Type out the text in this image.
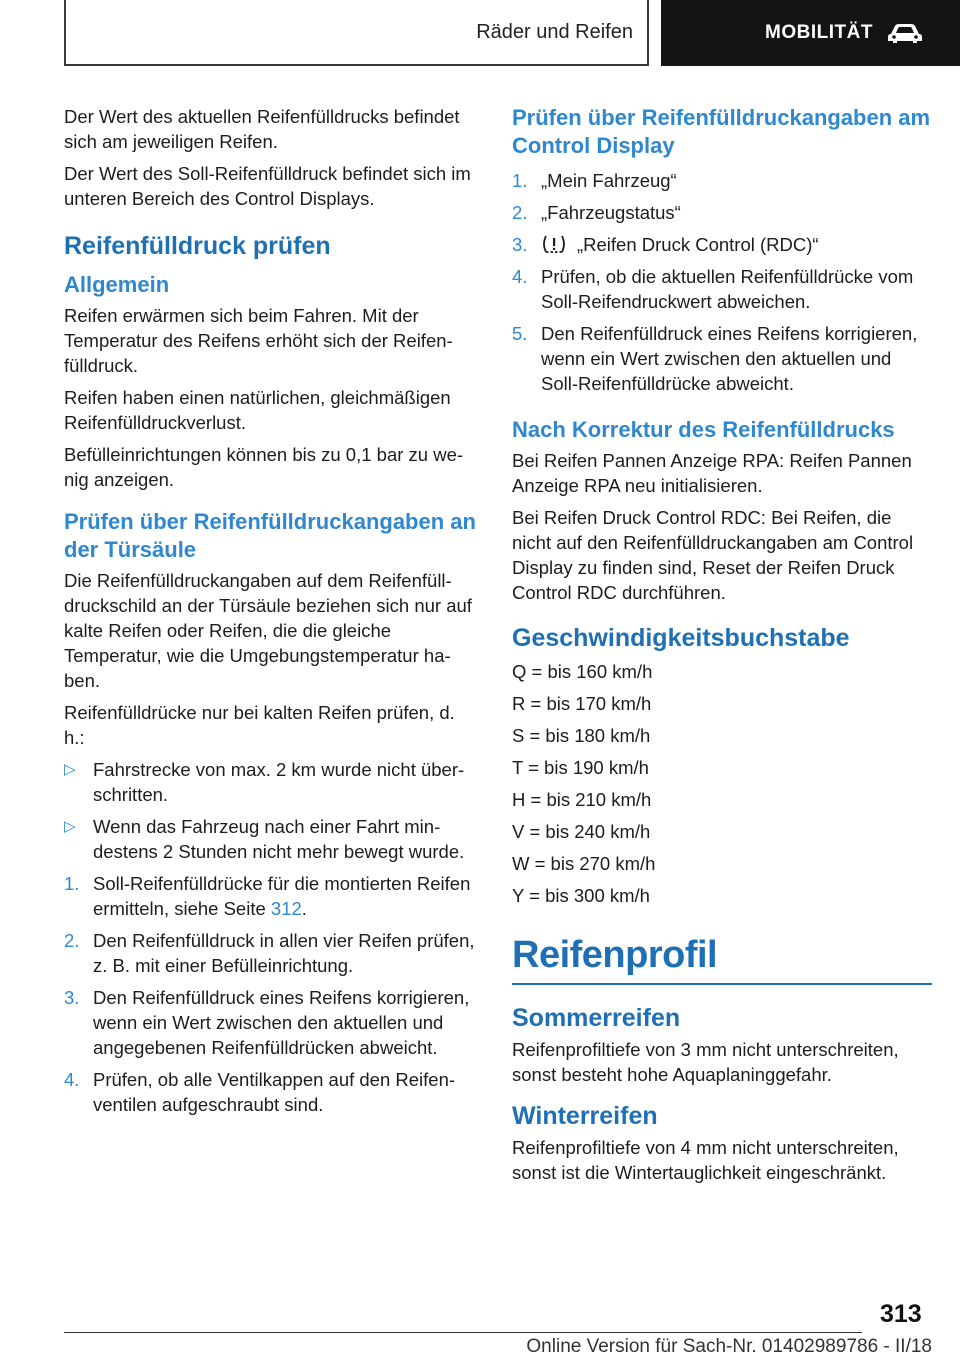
Räder und Reifen	MOBILITÄT

Der Wert des aktuellen Reifenfülldrucks befindet sich am jeweiligen Reifen.

Der Wert des Soll-Reifenfülldruck befindet sich im unteren Bereich des Control Displays.

Reifenfülldruck prüfen
Allgemein

Reifen erwärmen sich beim Fahren. Mit der Temperatur des Reifens erhöht sich der Reifenfülldruck.

Reifen haben einen natürlichen, gleichmäßigen Reifenfülldruckverlust.

Befülleinrichtungen können bis zu 0,1 bar zu wenig anzeigen.

Prüfen über Reifenfülldruckangaben an der Türsäule

Die Reifenfülldruckangaben auf dem Reifenfülldruckschild an der Türsäule beziehen sich nur auf kalte Reifen oder Reifen, die die gleiche Temperatur, wie die Umgebungstemperatur haben.

Reifenfülldrücke nur bei kalten Reifen prüfen, d. h.:

▷ Fahrstrecke von max. 2 km wurde nicht überschritten.
▷ Wenn das Fahrzeug nach einer Fahrt mindestens 2 Stunden nicht mehr bewegt wurde.
1. Soll-Reifenfülldrücke für die montierten Reifen ermitteln, siehe Seite 312.
2. Den Reifenfülldruck in allen vier Reifen prüfen, z. B. mit einer Befülleinrichtung.
3. Den Reifenfülldruck eines Reifens korrigieren, wenn ein Wert zwischen den aktuellen und angegebenen Reifenfülldrücken abweicht.
4. Prüfen, ob alle Ventilkappen auf den Reifenventilen aufgeschraubt sind.
Prüfen über Reifenfülldruckangaben am Control Display
1. „Mein Fahrzeug“
2. „Fahrzeugstatus“
3.	„Reifen Druck Control (RDC)“
4. Prüfen, ob die aktuellen Reifenfülldrücke vom Soll-Reifendruckwert abweichen.
5. Den Reifenfülldruck eines Reifens korrigieren, wenn ein Wert zwischen den aktuellen und Soll-Reifenfülldrücke abweicht.
Nach Korrektur des Reifenfülldrucks

Bei Reifen Pannen Anzeige RPA: Reifen Pannen Anzeige RPA neu initialisieren.

Bei Reifen Druck Control RDC: Bei Reifen, die nicht auf den Reifenfülldruckangaben am Control Display zu finden sind, Reset der Reifen Druck Control RDC durchführen.

Geschwindigkeitsbuchstabe

Q = bis 160 km/h

R = bis 170 km/h

S = bis 180 km/h

T = bis 190 km/h

H = bis 210 km/h

V = bis 240 km/h

W = bis 270 km/h

Y = bis 300 km/h

Reifenprofil
Sommerreifen

Reifenprofiltiefe von 3 mm nicht unterschreiten, sonst besteht hohe Aquaplaninggefahr.

Winterreifen

Reifenprofiltiefe von 4 mm nicht unterschreiten, sonst ist die Wintertauglichkeit eingeschränkt.

313
Online Version für Sach-Nr. 01402989786 - II/18
